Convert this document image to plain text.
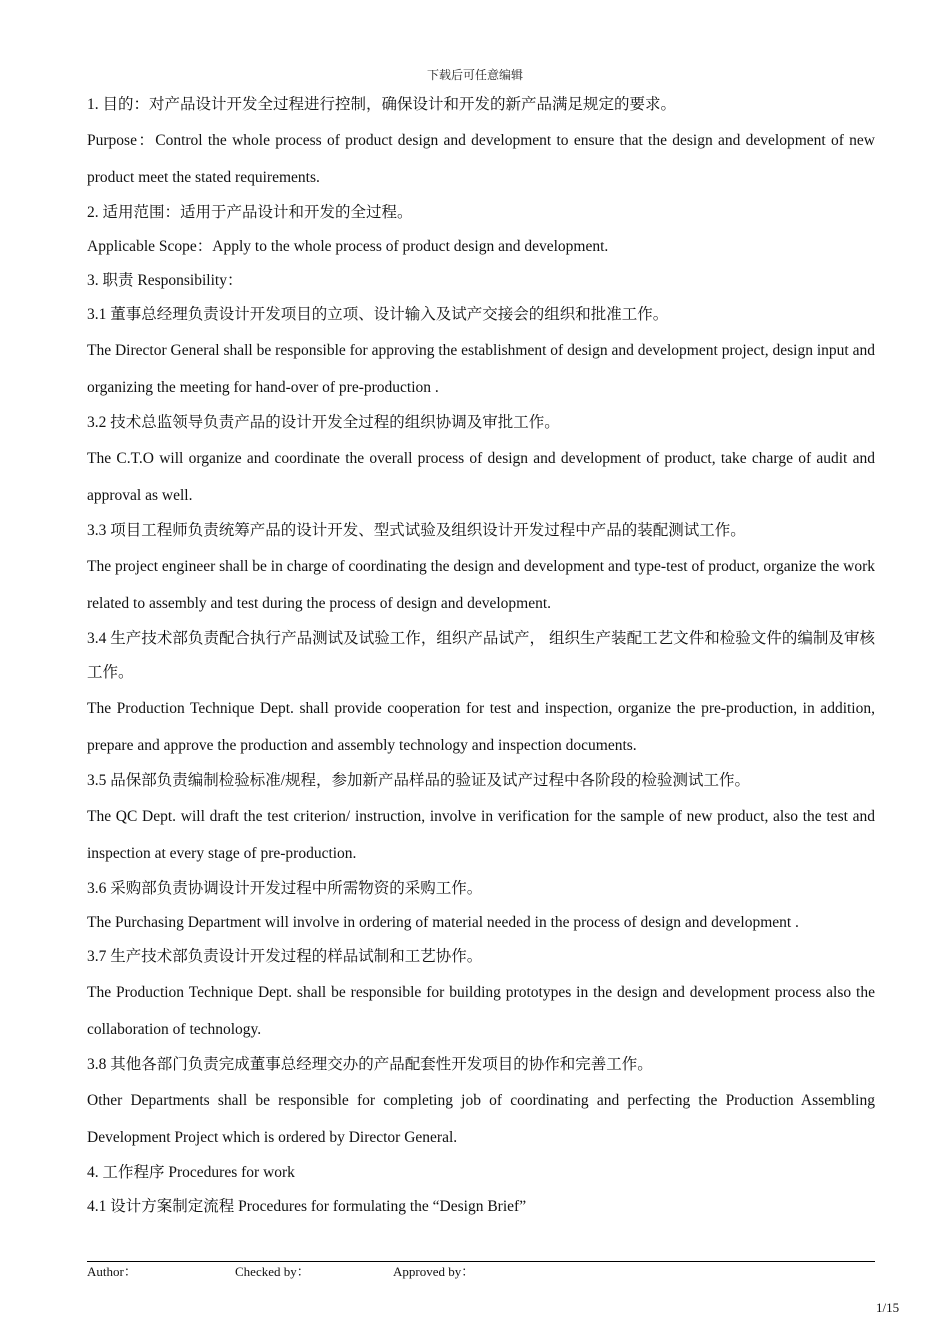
下载后可任意编辑

1. 目的：对产品设计开发全过程进行控制，确保设计和开发的新产品满足规定的要求。

Purpose：Control the whole process of product design and development to ensure that the design and development of new product meet the stated requirements.

2. 适用范围：适用于产品设计和开发的全过程。

Applicable Scope：Apply to the whole process of product design and development.

3. 职责 Responsibility：

3.1 董事总经理负责设计开发项目的立项、设计输入及试产交接会的组织和批准工作。

The Director General shall be responsible for approving the establishment of design and development project, design input and organizing the meeting for hand-over of pre-production .

3.2 技术总监领导负责产品的设计开发全过程的组织协调及审批工作。

The C.T.O will organize and coordinate the overall process of design and development of product, take charge of audit and approval as well.

3.3 项目工程师负责统筹产品的设计开发、型式试验及组织设计开发过程中产品的装配测试工作。

The project engineer shall be in charge of coordinating the design and development and type-test of product, organize the work related to assembly and test during the process of design and development.

3.4 生产技术部负责配合执行产品测试及试验工作，组织产品试产， 组织生产装配工艺文件和检验文件的编制及审核工作。

The Production Technique Dept. shall provide cooperation for test and inspection, organize the pre-production, in addition, prepare and approve the production and assembly technology and inspection documents.

3.5 品保部负责编制检验标准/规程，参加新产品样品的验证及试产过程中各阶段的检验测试工作。

The QC Dept. will draft the test criterion/ instruction, involve in verification for the sample of new product, also the test and inspection at every stage of pre-production.

3.6 采购部负责协调设计开发过程中所需物资的采购工作。

The Purchasing Department will involve in ordering of material needed in the process of design and development .

3.7 生产技术部负责设计开发过程的样品试制和工艺协作。

The Production Technique Dept. shall be responsible for building prototypes in the design and development process also the collaboration of technology.

3.8 其他各部门负责完成董事总经理交办的产品配套性开发项目的协作和完善工作。

Other Departments shall be responsible for completing job of coordinating and perfecting the Production Assembling Development Project which is ordered by Director General.

4. 工作程序 Procedures for work

4.1 设计方案制定流程 Procedures for formulating the “Design Brief”

Author：	Checked by：	Approved by：
1/15
